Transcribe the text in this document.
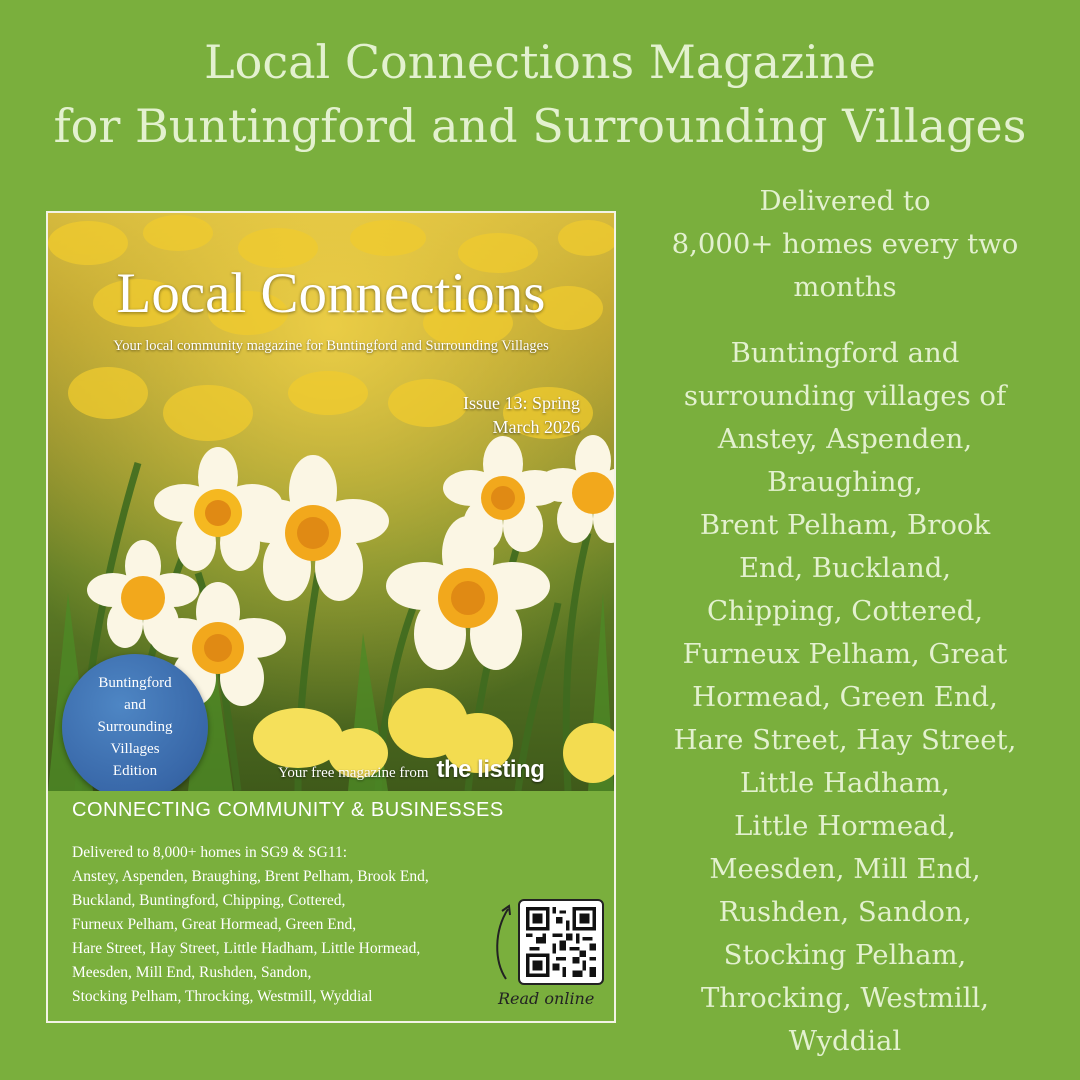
Local Connections Magazine
for Buntingford and Surrounding Villages
Local Connections
Your local community magazine for Buntingford and Surrounding Villages
Issue 13: Spring
March 2026
Buntingford
and
Surrounding
Villages
Edition	Your free magazine from the listing
CONNECTING COMMUNITY & BUSINESSES
Delivered to 8,000+ homes in SG9 & SG11:
Anstey, Aspenden, Braughing, Brent Pelham, Brook End,
Buckland, Buntingford, Chipping, Cottered,
Furneux Pelham, Great Hormead, Green End,
Hare Street, Hay Street, Little Hadham, Little Hormead,
Meesden, Mill End, Rushden, Sandon,
Stocking Pelham, Throcking, Westmill, Wyddial	Read online
Delivered to
8,000+ homes every two
months
Buntingford and
surrounding villages of
Anstey, Aspenden,
Braughing,
Brent Pelham, Brook
End, Buckland,
Chipping, Cottered,
Furneux Pelham, Great
Hormead, Green End,
Hare Street, Hay Street,
Little Hadham,
Little Hormead,
Meesden, Mill End,
Rushden, Sandon,
Stocking Pelham,
Throcking, Westmill,
Wyddial
